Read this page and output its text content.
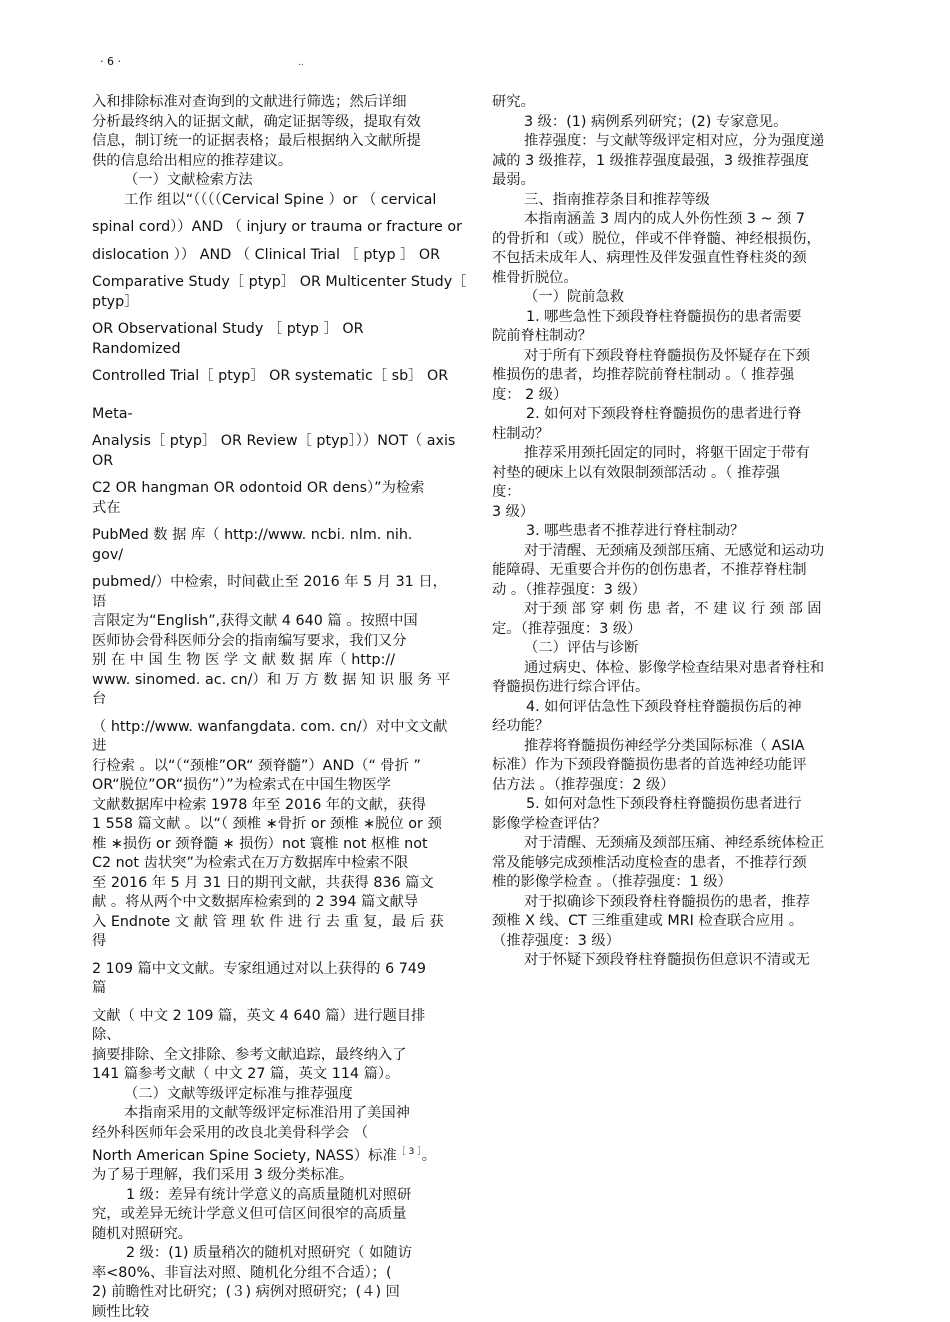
· 6 ·	..
入和排除标准对查询到的文献进行筛选；然后详细
分析最终纳入的证据文献，确定证据等级，提取有效
信息，制订统一的证据表格；最后根据纳入文献所提
供的信息给出相应的推荐建议。
（一）文献检索方法
工作 组以“（（（（Cervical Spine ）or （ cervical
spinal cord））AND （ injury or trauma or fracture or
dislocation ）） AND （ Clinical Trial ［ ptyp ］ OR
Comparative Study［ ptyp］ OR Multicenter Study［
ptyp］
OR Observational Study ［ ptyp ］ OR
Randomized
Controlled Trial［ ptyp］ OR systematic［ sb］ OR
Meta-
Analysis［ ptyp］ OR Review［ ptyp］））NOT（ axis
OR
C2 OR hangman OR odontoid OR dens）”为检索
式在
PubMed 数 据 库（ http://www. ncbi. nlm. nih.
gov/
pubmed/）中检索，时间截止至 2016 年 5 月 31 日，
语
言限定为“English”,获得文献 4 640 篇 。按照中国
医师协会骨科医师分会的指南编写要求，我们又分
别 在 中 国 生 物 医 学 文 献 数 据 库（ http://
www. sinomed. ac. cn/）和 万 方 数 据 知 识 服 务 平
台
（ http://www. wanfangdata. com. cn/）对中文文献
进
行检索 。以“（“颈椎”OR“ 颈脊髓”）AND（“ 骨折 ”
OR“脱位”OR“损伤”）”为检索式在中国生物医学
文献数据库中检索 1978 年至 2016 年的文献，获得
1 558 篇文献 。以“（ 颈椎 ∗骨折 or 颈椎 ∗脱位 or 颈
椎 ∗损伤 or 颈脊髓 ∗ 损伤）not 寰椎 not 枢椎 not
C2 not 齿状突”为检索式在万方数据库中检索不限
至 2016 年 5 月 31 日的期刊文献，共获得 836 篇文
献 。将从两个中文数据库检索到的 2 394 篇文献导
入 Endnote 文 献 管 理 软 件 进 行 去 重 复，最 后 获
得
2 109 篇中文文献。专家组通过对以上获得的 6 749
篇
文献（ 中文 2 109 篇，英文 4 640 篇）进行题目排
除、
摘要排除、全文排除、参考文献追踪，最终纳入了
141 篇参考文献（ 中文 27 篇，英文 114 篇）。
（二）文献等级评定标准与推荐强度
本指南采用的文献等级评定标准沿用了美国神
经外科医师年会采用的改良北美骨科学会 （
North American Spine Society, NASS）标准$^{[ 3 ]}$。
为了易于理解，我们采用 3 级分类标准。
1 级：差异有统计学意义的高质量随机对照研
究，或差异无统计学意义但可信区间很窄的高质量
随机对照研究。
2 级：(1) 质量稍次的随机对照研究（ 如随访
率<80%、非盲法对照、随机化分组不合适）；(
2) 前瞻性对比研究；(３) 病例对照研究；(４) 回
顾性比较
研究。
3 级：(1) 病例系列研究；(2) 专家意见。
推荐强度：与文献等级评定相对应，分为强度递
减的 3 级推荐，1 级推荐强度最强，3 级推荐强度
最弱。
三、指南推荐条目和推荐等级
本指南涵盖 3 周内的成人外伤性颈 3 ~ 颈 7
的骨折和（或）脱位，伴或不伴脊髓、神经根损伤，
不包括未成年人、病理性及伴发强直性脊柱炎的颈
椎骨折脱位。
（一）院前急救
1. 哪些急性下颈段脊柱脊髓损伤的患者需要
院前脊柱制动？
对于所有下颈段脊柱脊髓损伤及怀疑存在下颈
椎损伤的患者，均推荐院前脊柱制动 。（ 推荐强
度： 2 级）
2. 如何对下颈段脊柱脊髓损伤的患者进行脊
柱制动？
推荐采用颈托固定的同时，将躯干固定于带有
衬垫的硬床上以有效限制颈部活动 。（ 推荐强
度：
3 级）
3. 哪些患者不推荐进行脊柱制动？
对于清醒、无颈痛及颈部压痛、无感觉和运动功
能障碍、无重要合并伤的创伤患者，不推荐脊柱制
动 。（推荐强度：3 级）
对于颈 部 穿 刺 伤 患 者，不 建 议 行 颈 部 固
定。（推荐强度：3 级）
（二）评估与诊断
通过病史、体检、影像学检查结果对患者脊柱和
脊髓损伤进行综合评估。
4. 如何评估急性下颈段脊柱脊髓损伤后的神
经功能？
推荐将脊髓损伤神经学分类国际标准（ ASIA
标准）作为下颈段脊髓损伤患者的首选神经功能评
估方法 。（推荐强度：2 级）
5. 如何对急性下颈段脊柱脊髓损伤患者进行
影像学检查评估？
对于清醒、无颈痛及颈部压痛、神经系统体检正
常及能够完成颈椎活动度检查的患者，不推荐行颈
椎的影像学检查 。（推荐强度：1 级）
对于拟确诊下颈段脊柱脊髓损伤的患者，推荐
颈椎 X 线、CT 三维重建或 MRI 检查联合应用 。
（推荐强度：3 级）
对于怀疑下颈段脊柱脊髓损伤但意识不清或无
